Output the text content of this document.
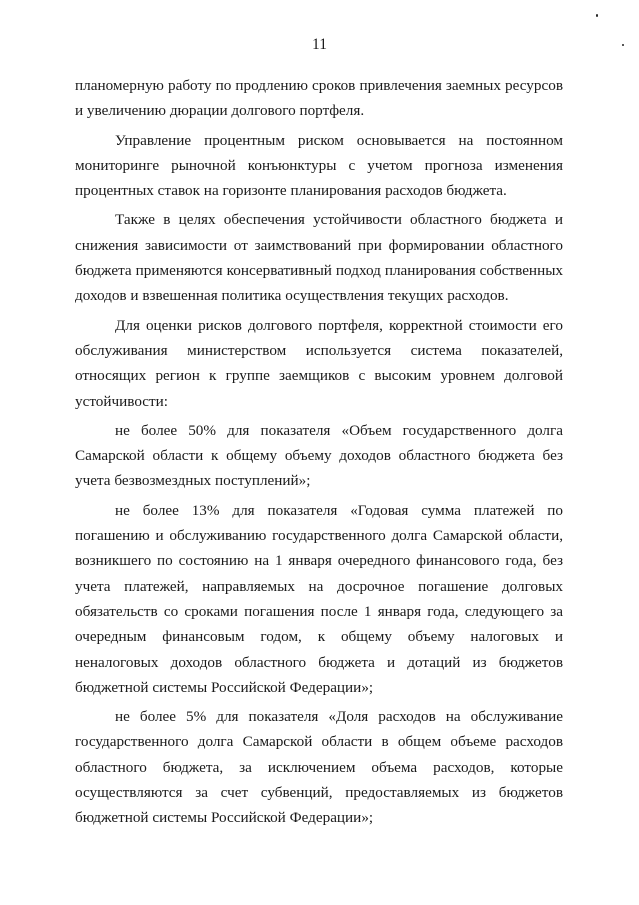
11

планомерную работу по продлению сроков привлечения заемных ресурсов и увеличению дюрации долгового портфеля.

Управление процентным риском основывается на постоянном мониторинге рыночной конъюнктуры с учетом прогноза изменения процентных ставок на горизонте планирования расходов бюджета.

Также в целях обеспечения устойчивости областного бюджета и снижения зависимости от заимствований при формировании областного бюджета применяются консервативный подход планирования собственных доходов и взвешенная политика осуществления текущих расходов.

Для оценки рисков долгового портфеля, корректной стоимости его обслуживания министерством используется система показателей, относящих регион к группе заемщиков с высоким уровнем долговой устойчивости:

не более 50% для показателя «Объем государственного долга Самарской области к общему объему доходов областного бюджета без учета безвозмездных поступлений»;

не более 13% для показателя «Годовая сумма платежей по погашению и обслуживанию государственного долга Самарской области, возникшего по состоянию на 1 января очередного финансового года, без учета платежей, направляемых на досрочное погашение долговых обязательств со сроками погашения после 1 января года, следующего за очередным финансовым годом, к общему объему налоговых и неналоговых доходов областного бюджета и дотаций из бюджетов бюджетной системы Российской Федерации»;

не более 5% для показателя «Доля расходов на обслуживание государственного долга Самарской области в общем объеме расходов областного бюджета, за исключением объема расходов, которые осуществляются за счет субвенций, предоставляемых из бюджетов бюджетной системы Российской Федерации»;
